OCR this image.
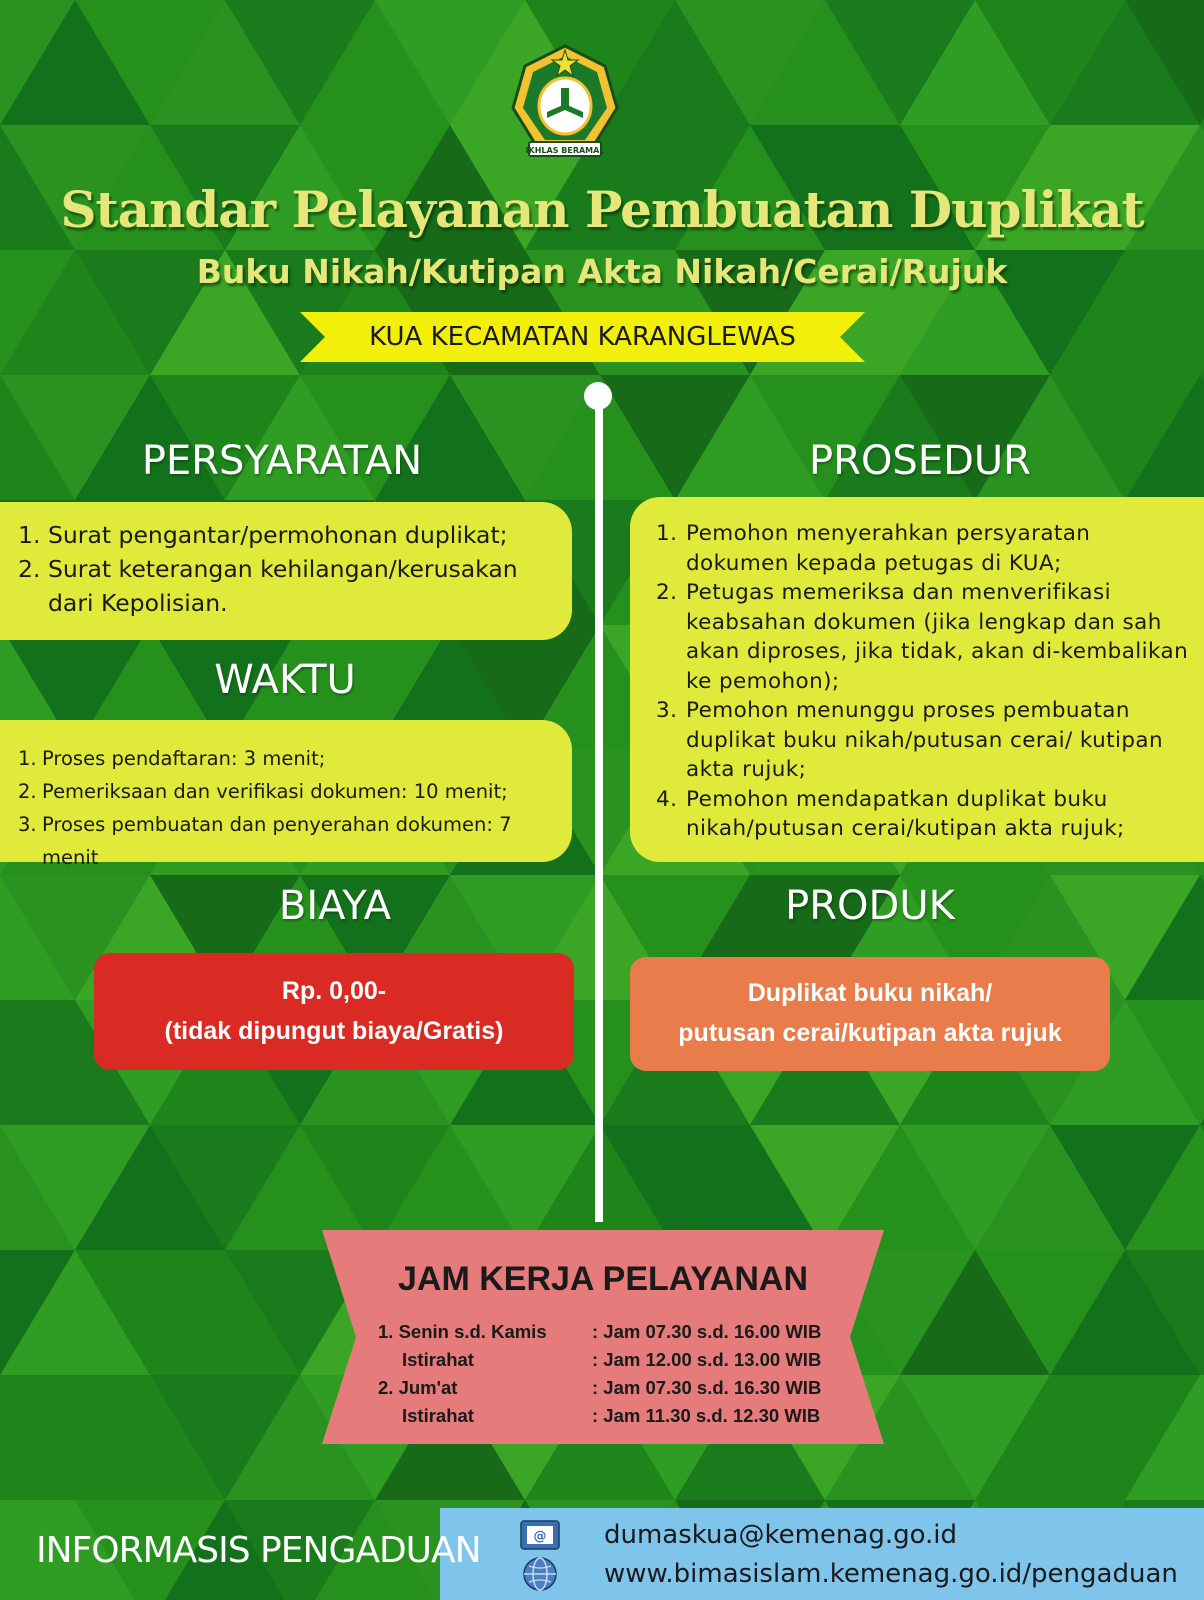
IKHLAS BERAMAL
Standar Pelayanan Pembuatan Duplikat
Buku Nikah/Kutipan Akta Nikah/Cerai/Rujuk
KUA KECAMATAN KARANGLEWAS
PERSYARATAN
1. Surat pengantar/permohonan duplikat;
2. Surat keterangan kehilangan/kerusakan dari Kepolisian.
WAKTU
1. Proses pendaftaran: 3 menit;
2. Pemeriksaan dan verifikasi dokumen: 10 menit;
3. Proses pembuatan dan penyerahan dokumen: 7 menit
PROSEDUR
1. Pemohon menyerahkan persyaratan dokumen kepada petugas di KUA;
2. Petugas memeriksa dan menverifikasi keabsahan dokumen (jika lengkap dan sah akan diproses, jika tidak, akan di-kembalikan ke pemohon);
3. Pemohon menunggu proses pembuatan duplikat buku nikah/putusan cerai/ kutipan akta rujuk;
4. Pemohon mendapatkan duplikat buku nikah/putusan cerai/kutipan akta rujuk;
BIAYA
Rp. 0,00-
(tidak dipungut biaya/Gratis)
PRODUK
Duplikat buku nikah/
putusan cerai/kutipan akta rujuk
JAM KERJA PELAYANAN
1. Senin s.d. Kamis	: Jam 07.30 s.d. 16.00 WIB
Istirahat	: Jam 12.00 s.d. 13.00 WIB
2. Jum'at	: Jam 07.30 s.d. 16.30 WIB
Istirahat	: Jam 11.30 s.d. 12.30 WIB
INFORMASIS PENGADUAN	@ dumaskua@kemenag.go.id
www.bimasislam.kemenag.go.id/pengaduan
